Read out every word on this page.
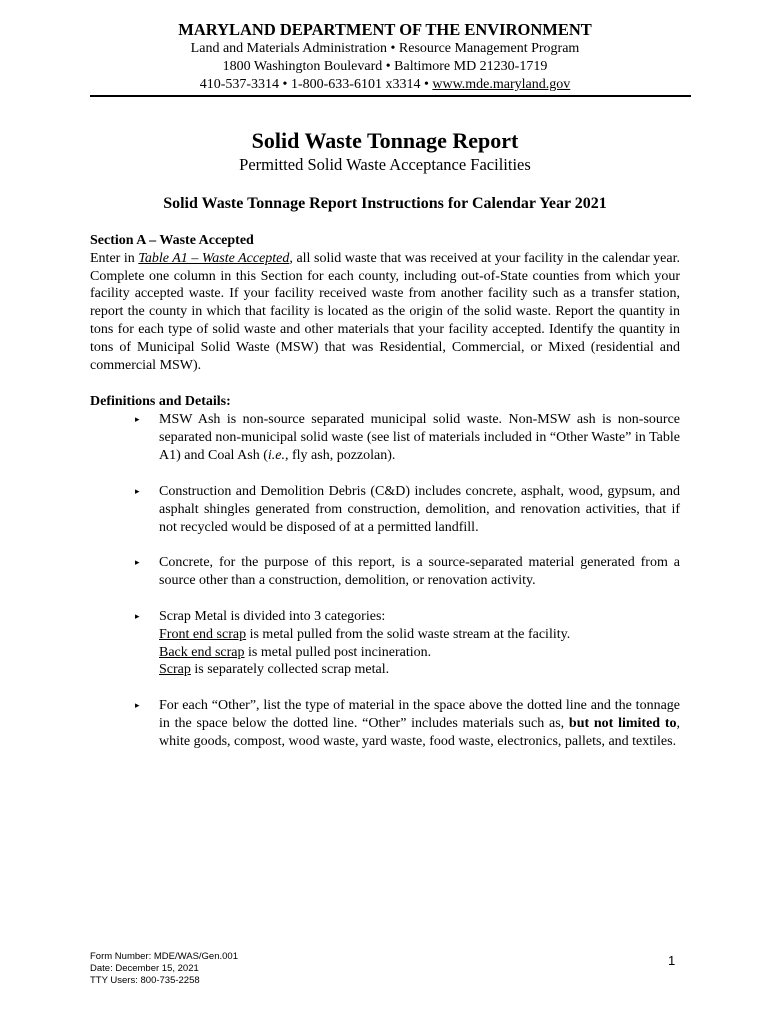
MARYLAND DEPARTMENT OF THE ENVIRONMENT
Land and Materials Administration • Resource Management Program
1800 Washington Boulevard • Baltimore MD 21230-1719
410-537-3314 • 1-800-633-6101 x3314 • www.mde.maryland.gov
Solid Waste Tonnage Report
Permitted Solid Waste Acceptance Facilities
Solid Waste Tonnage Report Instructions for Calendar Year 2021
Section A – Waste Accepted
Enter in Table A1 – Waste Accepted, all solid waste that was received at your facility in the calendar year. Complete one column in this Section for each county, including out-of-State counties from which your facility accepted waste. If your facility received waste from another facility such as a transfer station, report the county in which that facility is located as the origin of the solid waste. Report the quantity in tons for each type of solid waste and other materials that your facility accepted. Identify the quantity in tons of Municipal Solid Waste (MSW) that was Residential, Commercial, or Mixed (residential and commercial MSW).
Definitions and Details:
▸ MSW Ash is non-source separated municipal solid waste. Non-MSW ash is non-source separated non-municipal solid waste (see list of materials included in “Other Waste” in Table A1) and Coal Ash (i.e., fly ash, pozzolan).
▸ Construction and Demolition Debris (C&D) includes concrete, asphalt, wood, gypsum, and asphalt shingles generated from construction, demolition, and renovation activities, that if not recycled would be disposed of at a permitted landfill.
▸ Concrete, for the purpose of this report, is a source-separated material generated from a source other than a construction, demolition, or renovation activity.
▸ Scrap Metal is divided into 3 categories:
Front end scrap is metal pulled from the solid waste stream at the facility.
Back end scrap is metal pulled post incineration.
Scrap is separately collected scrap metal.
▸ For each “Other”, list the type of material in the space above the dotted line and the tonnage in the space below the dotted line. “Other” includes materials such as, but not limited to, white goods, compost, wood waste, yard waste, food waste, electronics, pallets, and textiles.
Form Number: MDE/WAS/Gen.001
Date: December 15, 2021
TTY Users: 800-735-2258
1
